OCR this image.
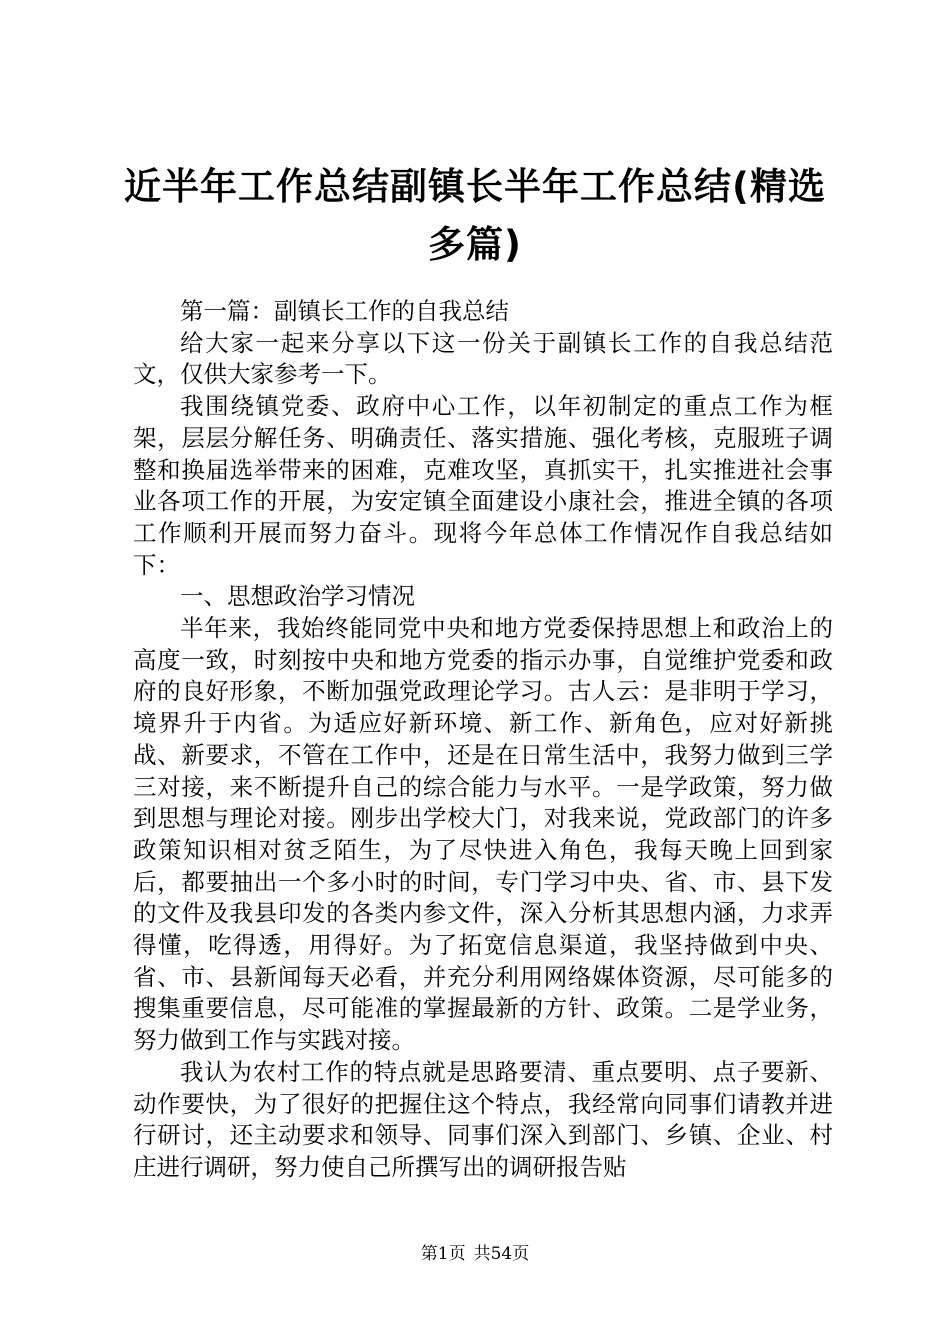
近半年工作总结副镇长半年工作总结(精选多篇)

第一篇：副镇长工作的自我总结

给大家一起来分享以下这一份关于副镇长工作的自我总结范文，仅供大家参考一下。

我围绕镇党委、政府中心工作，以年初制定的重点工作为框架，层层分解任务、明确责任、落实措施、强化考核，克服班子调整和换届选举带来的困难，克难攻坚，真抓实干，扎实推进社会事业各项工作的开展，为安定镇全面建设小康社会，推进全镇的各项工作顺利开展而努力奋斗。现将今年总体工作情况作自我总结如下：

一、思想政治学习情况

半年来，我始终能同党中央和地方党委保持思想上和政治上的高度一致，时刻按中央和地方党委的指示办事，自觉维护党委和政府的良好形象，不断加强党政理论学习。古人云：是非明于学习，境界升于内省。为适应好新环境、新工作、新角色，应对好新挑战、新要求，不管在工作中，还是在日常生活中，我努力做到三学三对接，来不断提升自己的综合能力与水平。一是学政策，努力做到思想与理论对接。刚步出学校大门，对我来说，党政部门的许多政策知识相对贫乏陌生，为了尽快进入角色，我每天晚上回到家后，都要抽出一个多小时的时间，专门学习中央、省、市、县下发的文件及我县印发的各类内参文件，深入分析其思想内涵，力求弄得懂，吃得透，用得好。为了拓宽信息渠道，我坚持做到中央、省、市、县新闻每天必看，并充分利用网络媒体资源，尽可能多的搜集重要信息，尽可能准的掌握最新的方针、政策。二是学业务，努力做到工作与实践对接。

我认为农村工作的特点就是思路要清、重点要明、点子要新、动作要快，为了很好的把握住这个特点，我经常向同事们请教并进行研讨，还主动要求和领导、同事们深入到部门、乡镇、企业、村庄进行调研，努力使自己所撰写出的调研报告贴

第1页 共54页
